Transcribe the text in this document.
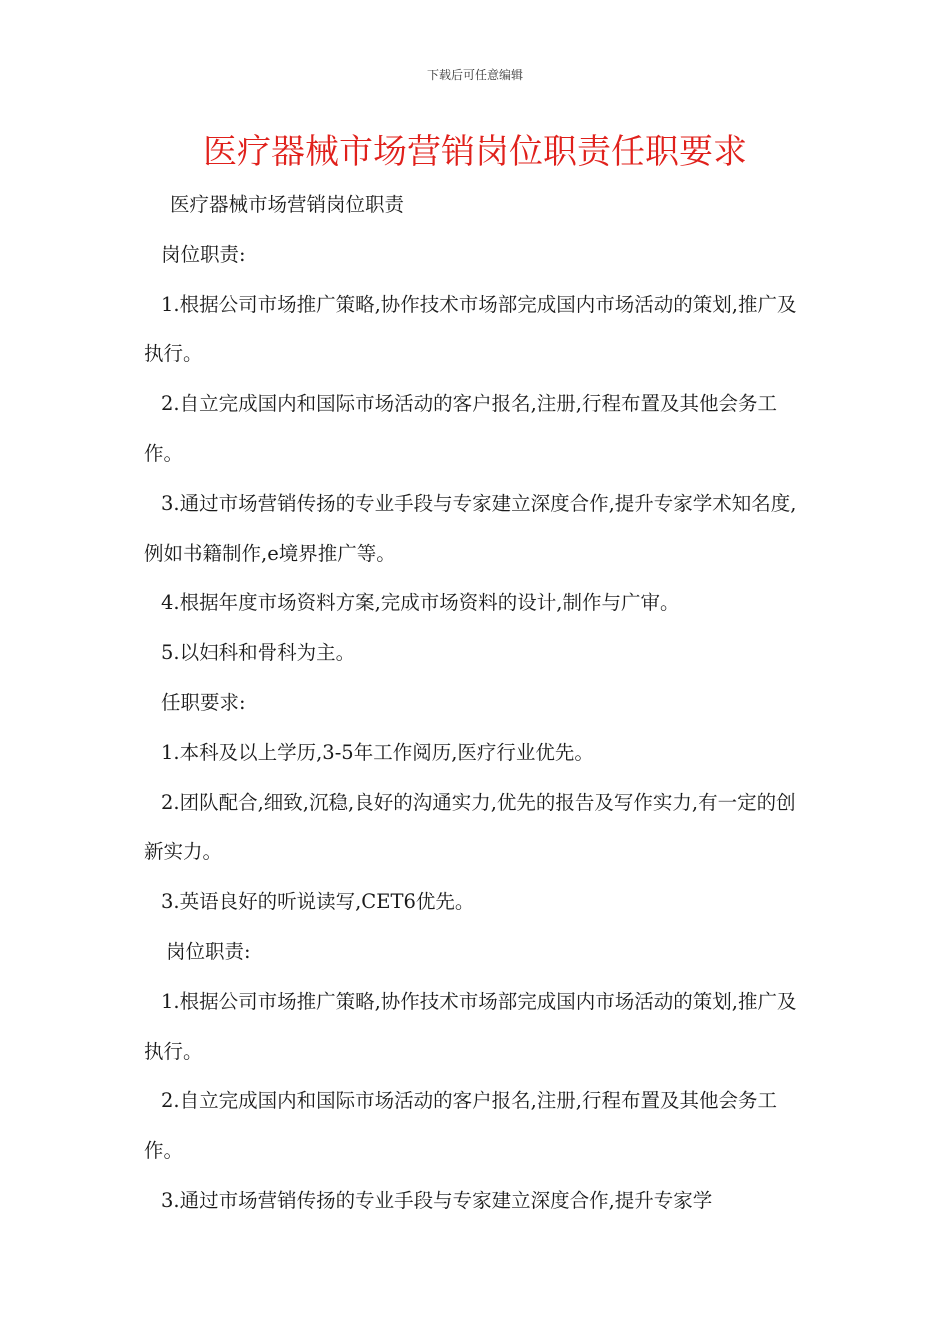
下载后可任意编辑
医疗器械市场营销岗位职责任职要求

医疗器械市场营销岗位职责

岗位职责:

1.根据公司市场推广策略,协作技术市场部完成国内市场活动的策划,推广及执行。

2.自立完成国内和国际市场活动的客户报名,注册,行程布置及其他会务工作。

3.通过市场营销传扬的专业手段与专家建立深度合作,提升专家学术知名度,例如书籍制作,e境界推广等。

4.根据年度市场资料方案,完成市场资料的设计,制作与广审。

5.以妇科和骨科为主。

任职要求:

1.本科及以上学历,3-5年工作阅历,医疗行业优先。

2.团队配合,细致,沉稳,良好的沟通实力,优先的报告及写作实力,有一定的创新实力。

3.英语良好的听说读写,CET6优先。

岗位职责:

1.根据公司市场推广策略,协作技术市场部完成国内市场活动的策划,推广及执行。

2.自立完成国内和国际市场活动的客户报名,注册,行程布置及其他会务工作。

3.通过市场营销传扬的专业手段与专家建立深度合作,提升专家学
